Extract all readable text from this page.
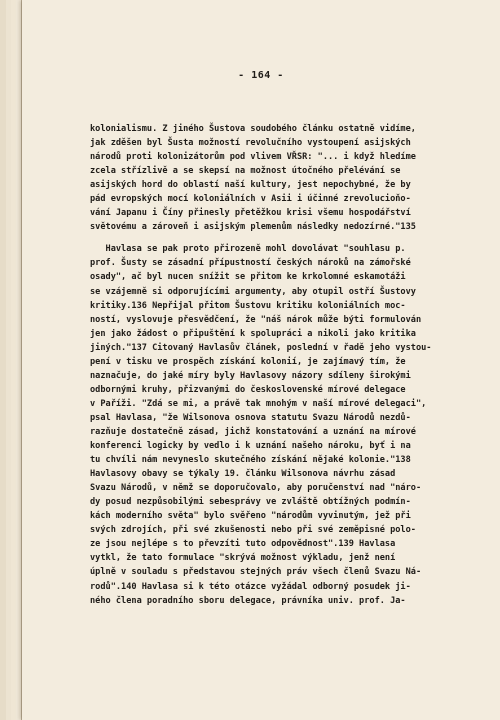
- 164 -
kolonialismu. Z jiného Šustova soudobého článku ostatně vidíme,
jak zděšen byl Šusta možností revolučního vystoupení asijských
národů proti kolonizátorům pod vlivem VŘSR: "... i když hledíme
zcela střízlivě a se skepsí na možnost útočného přelévání se
asijských hord do oblastí naší kultury, jest nepochybné, že by
pád evropských mocí koloniálních v Asii i účinné zrevolucioňo-
vání Japanu i Číny přinesly přetěžkou krisi všemu hospodářství
světovému a zároveň i asijským plemenům následky nedozírné."135
Havlasa se pak proto přirozeně mohl dovolávat "souhlasu p.
prof. Šusty se zásadní přípustností českých nároků na zámořské
osady", ač byl nucen snížit se přitom ke krkolomné eskamotáži
se vzájemně si odporujícími argumenty, aby otupil ostří Šustovy
kritiky.136 Nepřijal přitom Šustovu kritiku koloniálních moc-
ností, vyslovuje přesvědčení, že "náš nárok může býti formulován
jen jako žádost o připuštění k spolupráci a nikoli jako kritika
jiných."137 Citovaný Havlasův článek, poslední v řadě jeho vystou-
pení v tisku ve prospěch získání kolonií, je zajímavý tím, že
naznačuje, do jaké míry byly Havlasovy názory sdíleny širokými
odbornými kruhy, přizvanými do československé mírové delegace
v Paříži. "Zdá se mi, a právě tak mnohým v naší mírové delegaci",
psal Havlasa, "že Wilsonova osnova statutu Svazu Národů nezdů-
razňuje dostatečně zásad, jichž konstatování a uznání na mírové
konferenci logicky by vedlo i k uznání našeho nároku, byť i na
tu chvíli nám nevyneslo skutečného získání nějaké kolonie."138
Havlasovy obavy se týkaly 19. článku Wilsonova návrhu zásad
Svazu Národů, v němž se doporučovalo, aby poručenství nad "náro-
dy posud nezpůsobilými sebesprávy ve zvláště obtížných podmín-
kách moderního světa" bylo svěřeno "národům vyvinutým, jež při
svých zdrojích, při své zkušenosti nebo při své zeměpisné polo-
ze jsou nejlépe s to převzíti tuto odpovědnost".139 Havlasa
vytkl, že tato formulace "skrývá možnost výkladu, jenž není
úplně v souladu s představou stejných práv všech členů Svazu Ná-
rodů".140 Havlasa si k této otázce vyžádal odborný posudek ji-
ného člena poradního sboru delegace, právníka univ. prof. Ja-
